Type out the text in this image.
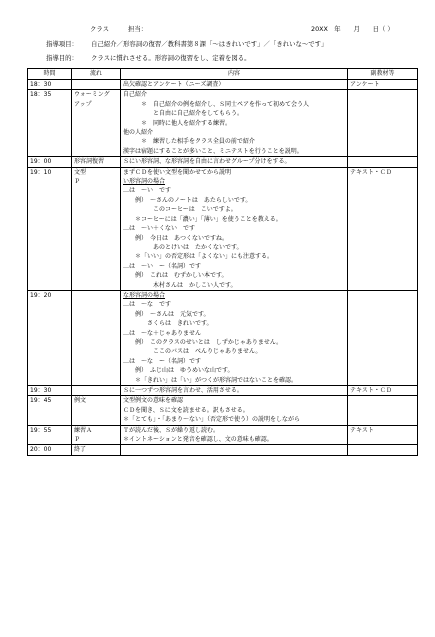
クラス	担当：	20XX　年　　月　　日（ ）
指導項目： 自己紹介／形容詞の復習／教科書第８課「～はきれいです」／「きれいな～です」
指導目的： クラスに慣れさせる。形容詞の復習をし、定着を図る。
時間	流れ	内容	副教材等
18：30		出欠確認とアンケート（ニーズ調査）	アンケート
18：35	ウォーミング	自己紹介	
	アップ	　　　＊　自己紹介の例を紹介し、Ｓ同士ペアを作って初めて会う人	
		　　　　　と自由に自己紹介をしてもらう。	
		　　　＊　同時に他人を紹介する練習。	
		他の人紹介	
		　　　＊　練習した相手をクラス全員の前で紹介	
		漢字は宿題にすることが多いこと、ミニテストを行うことを説明。	
19：00	形容詞復習	Ｓにい形容詞、な形容詞を自由に言わせグループ分けをする。	
19：10	文型	まずＣＤを使い文型を聞かせてから説明	テキスト・ＣＤ
	Ｐ	い形容詞の場合	
		…は　～い　です	
		　　例）　～さんのノートは　あたらしいです。	
		　　　　　このコーヒーは　こいですよ。	
		　　＊コーヒーには「濃い」「薄い」を使うことを教える。	
		…は　～い＋くない　です	
		　　例）　今日は　あつくないですね。	
		　　　　　あのとけいは　たかくないです。	
		　　＊「いい」の否定形は「よくない」にも注意する。	
		…は　～い　ー（名詞）です	
		　　例）　これは　むずかしい本です。	
		　　　　　木村さんは　かしこい人です。	
19：20		な形容詞の場合	
		…は　～な　です	
		　　例）　～さんは　元気です。	
		　　　　さくらは　きれいです。	
		…は　～な＋じゃありません	
		　　例）　このクラスのせいとは　しずかじゃありません。	
		　　　　　ここのバスは　べんりじゃありません。	
		…は　～な　ー（名詞）です	
		　　例）　ふじ山は　ゆうめいな山です。	
		　　＊「きれい」は「い」がつくが形容詞ではないことを確認。	
19：30		Ｓに一つずつ形容詞を言わせ、活用させる。	テキスト・ＣＤ
19：45	例文	文型例文の意味を確認	
		ＣＤを聞き、Ｓに文を読ませる。訳もさせる。	
		＊「とても」・「あまり～ない」（否定形で使う）の説明をしながら	
19：55	練習Ａ	Ｔが読んだ後、Ｓが繰り返し読む。	テキスト
	Ｐ	＊イントネーションと発音を確認し、文の意味も確認。	
20：00	終了		
